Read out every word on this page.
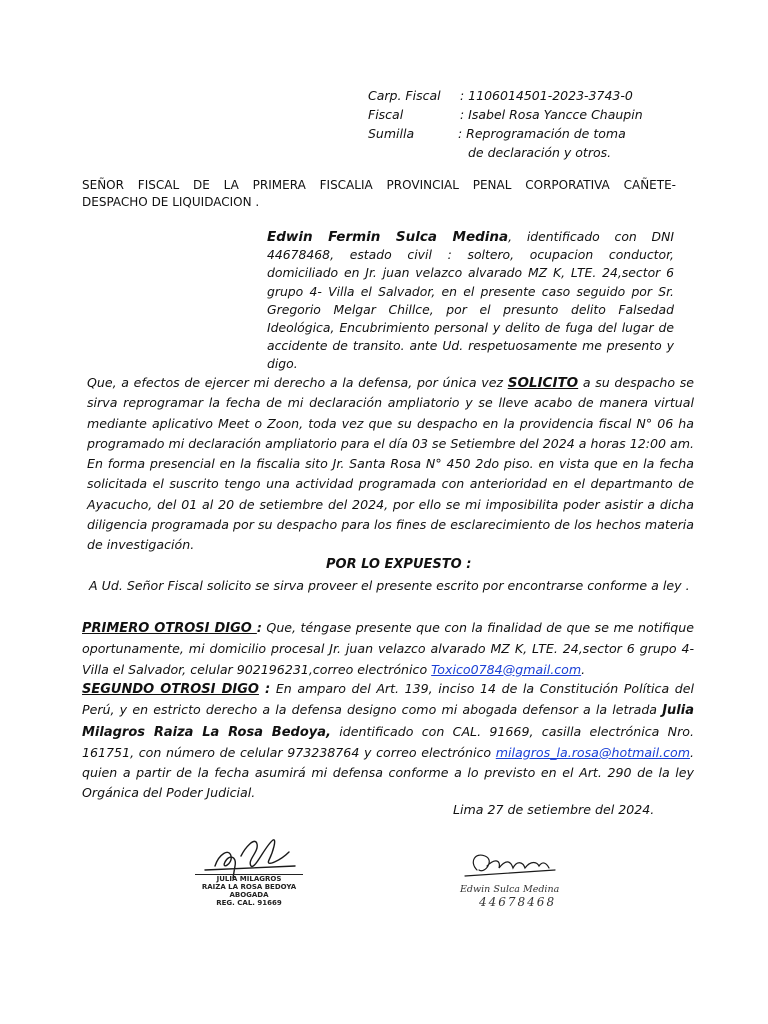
Carp. Fiscal : 1106014501-2023-3743-0
Fiscal	: Isabel Rosa Yancce Chaupin
Sumilla	: Reprogramación de toma
de declaración y otros.
SEÑOR FISCAL DE LA PRIMERA FISCALIA PROVINCIAL PENAL CORPORATIVA CAÑETE-
DESPACHO DE LIQUIDACION .
Edwin Fermin Sulca Medina, identificado con DNI 44678468, estado civil : soltero, ocupacion conductor, domiciliado en Jr. juan velazco alvarado MZ K, LTE. 24,sector 6 grupo 4- Villa el Salvador, en el presente caso seguido por Sr. Gregorio Melgar Chillce, por el presunto delito Falsedad Ideológica, Encubrimiento personal y delito de fuga del lugar de accidente de transito. ante Ud. respetuosamente me presento y digo.
Que, a efectos de ejercer mi derecho a la defensa, por única vez SOLICITO a su despacho se sirva reprogramar la fecha de mi declaración ampliatorio y se lleve acabo de manera virtual mediante aplicativo Meet o Zoon, toda vez que su despacho en la providencia fiscal N° 06 ha programado mi declaración ampliatorio para el día 03 se Setiembre del 2024 a horas 12:00 am. En forma presencial en la fiscalia sito Jr. Santa Rosa N° 450 2do piso. en vista que en la fecha solicitada el suscrito tengo una actividad programada con anterioridad en el departmanto de Ayacucho, del 01 al 20 de setiembre del 2024, por ello se mi imposibilita poder asistir a dicha diligencia programada por su despacho para los fines de esclarecimiento de los hechos materia de investigación.
POR LO EXPUESTO :
A Ud. Señor Fiscal solicito se sirva proveer el presente escrito por encontrarse conforme a ley .
PRIMERO OTROSI DIGO : Que, téngase presente que con la finalidad de que se me notifique oportunamente, mi domicilio procesal Jr. juan velazco alvarado MZ K, LTE. 24,sector 6 grupo 4- Villa el Salvador, celular 902196231,correo electrónico Toxico0784@gmail.com.
SEGUNDO OTROSI DIGO : En amparo del Art. 139, inciso 14 de la Constitución Política del Perú, y en estricto derecho a la defensa designo como mi abogada defensor a la letrada Julia Milagros Raiza La Rosa Bedoya, identificado con CAL. 91669, casilla electrónica Nro. 161751, con número de celular 973238764 y correo electrónico milagros_la.rosa@hotmail.com. quien a partir de la fecha asumirá mi defensa conforme a lo previsto en el Art. 290 de la ley Orgánica del Poder Judicial.
Lima 27 de setiembre del 2024.
JULIA MILAGROS
RAIZA LA ROSA BEDOYA
ABOGADA
REG. CAL. 91669
Edwin Sulca Medina
44678468
